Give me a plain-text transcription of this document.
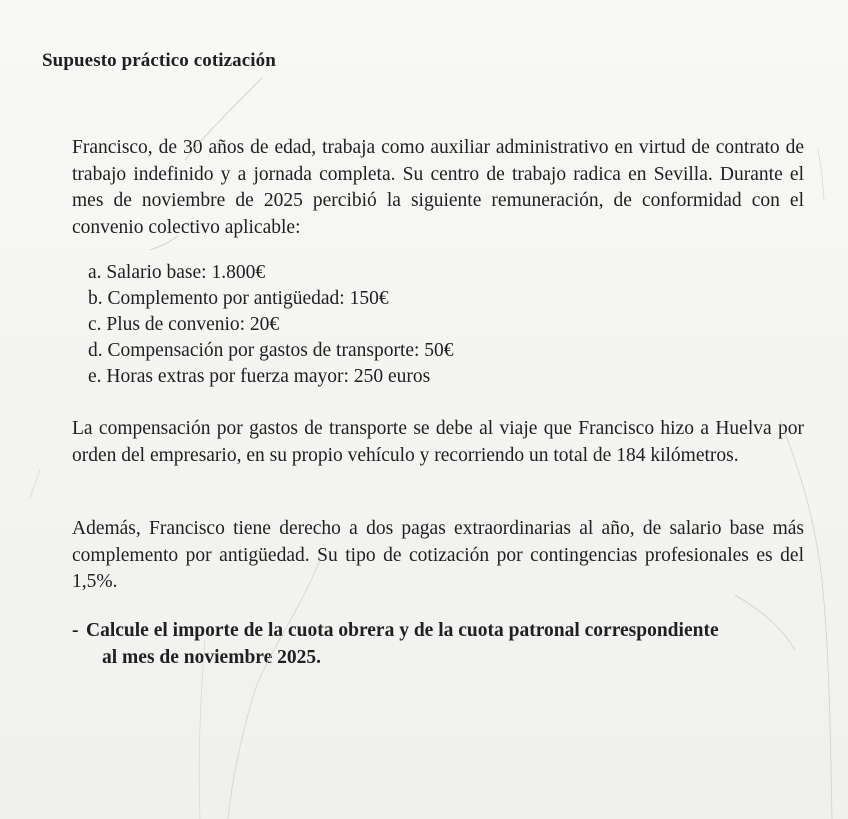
Supuesto práctico cotización
Francisco, de 30 años de edad, trabaja como auxiliar administrativo en virtud de contrato de trabajo indefinido y a jornada completa. Su centro de trabajo radica en Sevilla. Durante el mes de noviembre de 2025 percibió la siguiente remuneración, de conformidad con el convenio colectivo aplicable:
a. Salario base: 1.800€
b. Complemento por antigüedad: 150€
c. Plus de convenio: 20€
d. Compensación por gastos de transporte: 50€
e. Horas extras por fuerza mayor: 250 euros
La compensación por gastos de transporte se debe al viaje que Francisco hizo a Huelva por orden del empresario, en su propio vehículo y recorriendo un total de 184 kilómetros.
Además, Francisco tiene derecho a dos pagas extraordinarias al año, de salario base más complemento por antigüedad. Su tipo de cotización por contingencias profesionales es del 1,5%.
- Calcule el importe de la cuota obrera y de la cuota patronal correspondiente
al mes de noviembre 2025.
